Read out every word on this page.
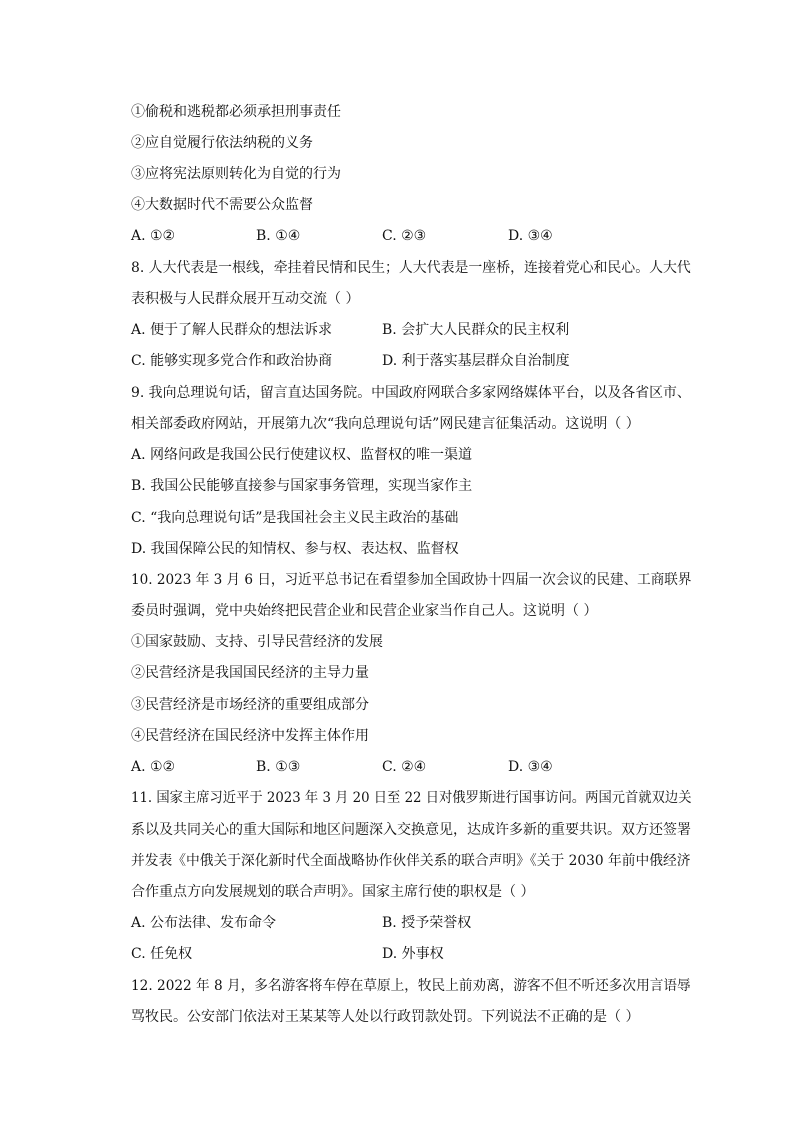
①偷税和逃税都必须承担刑事责任
②应自觉履行依法纳税的义务
③应将宪法原则转化为自觉的行为
④大数据时代不需要公众监督
A. ①②	B. ①④	C. ②③	D. ③④
8. 人大代表是一根线，牵挂着民情和民生；人大代表是一座桥，连接着党心和民心。人大代
表积极与人民群众展开互动交流（ ）
A. 便于了解人民群众的想法诉求	B. 会扩大人民群众的民主权利
C. 能够实现多党合作和政治协商	D. 利于落实基层群众自治制度
9. 我向总理说句话，留言直达国务院。中国政府网联合多家网络媒体平台，以及各省区市、
相关部委政府网站，开展第九次“我向总理说句话”网民建言征集活动。这说明（ ）
A. 网络问政是我国公民行使建议权、监督权的唯一渠道
B. 我国公民能够直接参与国家事务管理，实现当家作主
C. “我向总理说句话”是我国社会主义民主政治的基础
D. 我国保障公民的知情权、参与权、表达权、监督权
10. 2023 年 3 月 6 日，习近平总书记在看望参加全国政协十四届一次会议的民建、工商联界
委员时强调，党中央始终把民营企业和民营企业家当作自己人。这说明（ ）
①国家鼓励、支持、引导民营经济的发展
②民营经济是我国国民经济的主导力量
③民营经济是市场经济的重要组成部分
④民营经济在国民经济中发挥主体作用
A. ①②	B. ①③	C. ②④	D. ③④
11. 国家主席习近平于 2023 年 3 月 20 日至 22 日对俄罗斯进行国事访问。两国元首就双边关
系以及共同关心的重大国际和地区问题深入交换意见，达成许多新的重要共识。双方还签署
并发表《中俄关于深化新时代全面战略协作伙伴关系的联合声明》《关于 2030 年前中俄经济
合作重点方向发展规划的联合声明》。国家主席行使的职权是（ ）
A. 公布法律、发布命令	B. 授予荣誉权
C. 任免权	D. 外事权
12. 2022 年 8 月，多名游客将车停在草原上，牧民上前劝离，游客不但不听还多次用言语辱
骂牧民。公安部门依法对王某某等人处以行政罚款处罚。下列说法不正确的是（ ）
